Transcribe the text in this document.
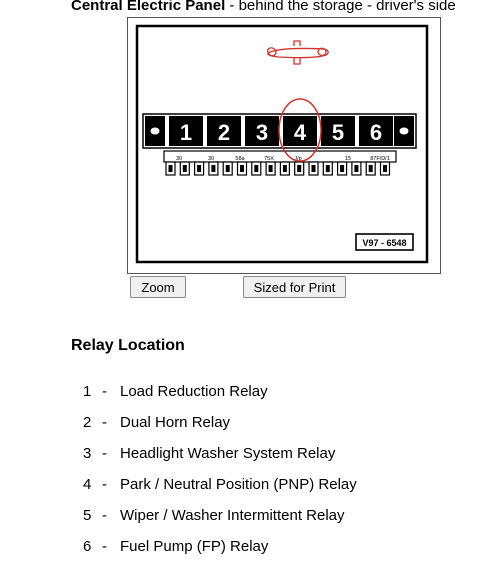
Central Electric Panel - behind the storage - driver's side
1 2 3 4 5 6
30	30	58a	75X	J/p	15	87F/D/1
V97 - 6548
Zoom	Sized for Print
Relay Location
1 - Load Reduction Relay
2 - Dual Horn Relay
3 - Headlight Washer System Relay
4 - Park / Neutral Position (PNP) Relay
5 - Wiper / Washer Intermittent Relay
6 - Fuel Pump (FP) Relay
